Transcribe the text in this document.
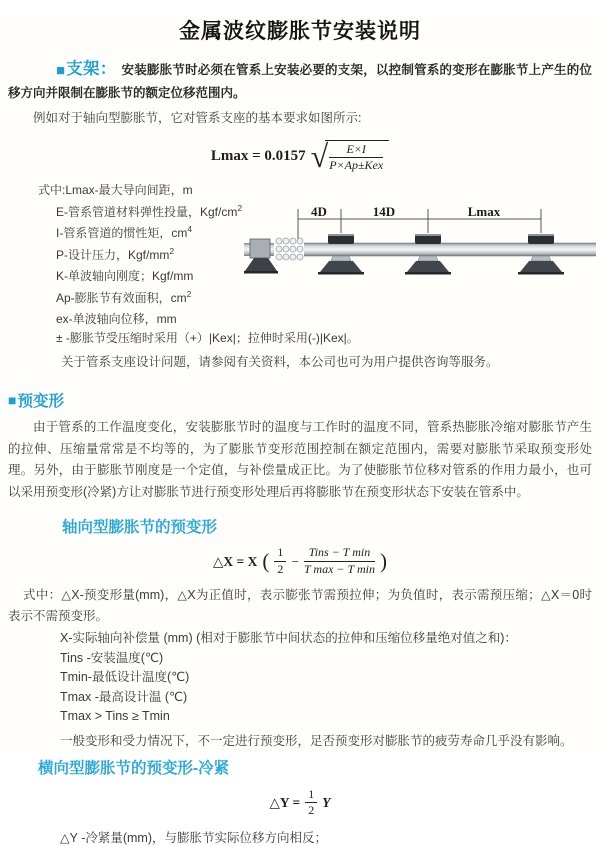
金属波纹膨胀节安装说明

■支架： 安装膨胀节时必须在管系上安装必要的支架，以控制管系的变形在膨胀节上产生的位移方向并限制在膨胀节的额定位移范围内。

例如对于轴向型膨胀节，它对管系支座的基本要求如图所示:

Lmax = 0.0157 √ $\frac{E\times I}{\text{P×Ap±Kex}}$
式中:Lmax-最大导向间距，m
E-管系管道材料弹性投量，Kgf/$cm^2$
I-管系管道的惯性矩，$cm^4$
P-设计压力，Kgf/$mm^2$
K-单波轴向刚度；Kgf/mm
Ap-膨胀节有效面积，$cm^2$
ex-单波轴向位移，mm
4D	14D	Lmax
± -膨胀节受压缩时采用（+）|Kex|；拉伸时采用(-)|Kex|。

关于管系支座设计问题，请参阅有关资料，本公司也可为用户提供咨询等服务。

■ 预变形

由于管系的工作温度变化，安装膨胀节时的温度与工作时的温度不同，管系热膨胀冷缩对膨胀节产生的拉伸、压缩量常常是不均等的，为了膨胀节变形范围控制在额定范围内，需要对膨胀节采取预变形处理。另外，由于膨胀节刚度是一个定值，与补偿量成正比。为了使膨胀节位移对管系的作用力最小，也可以采用预变形(冷紧)方让对膨胀节进行预变形处理后再将膨胀节在预变形状态下安装在管系中。

轴向型膨胀节的预变形
△X = X ( $\frac{1}{2} - \frac{\text{Tins − T min}}{\text{T max − T min}}$ )

式中：△X-预变形量(mm)，△X为正值时，表示膨张节需预拉伸；为负值时，表示需预压缩；△X＝0时表示不需预变形。

X-实际轴向补偿量 (mm) (相对于膨胀节中间状态的拉伸和压缩位移量绝对值之和)：
Tins -安装温度(℃)
Tmin-最低设计温度(℃)
Tmax -最高设计温 (℃)
Tmax > Tins ≥ Tmin
一般变形和受力情况下，不一定进行预变形，足否预变形对膨胀节的疲劳寿命几乎没有影响。
横向型膨胀节的预变形-冷紧
△Y = $\frac{1}{2}$ Y
△Y -冷紧量(mm)，与膨胀节实际位移方向相反；
